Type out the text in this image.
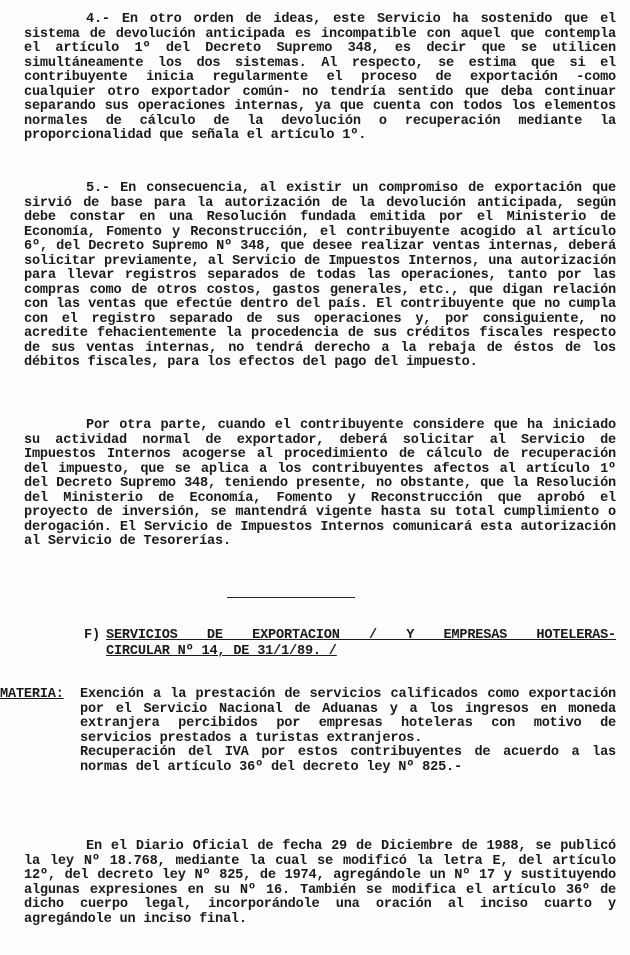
4.- En otro orden de ideas, este Servicio ha sostenido que el sistema de devolución anticipada es incompatible con aquel que contempla el artículo 1º del Decreto Supremo 348, es decir que se utilicen simultáneamente los dos sistemas. Al respecto, se estima que si el contribuyente inicia regularmente el proceso de exportación -como cualquier otro exportador común- no tendría sentido que deba continuar separando sus operaciones internas, ya que cuenta con todos los elementos normales de cálculo de la devolución o recuperación mediante la proporcionalidad que señala el artículo 1º.

5.- En consecuencia, al existir un compromiso de exportación que sirvió de base para la autorización de la devolución anticipada, según debe constar en una Resolución fundada emitida por el Ministerio de Economía, Fomento y Reconstrucción, el contribuyente acogido al artículo 6º, del Decreto Supremo Nº 348, que desee realizar ventas internas, deberá solicitar previamente, al Servicio de Impuestos Internos, una autorización para llevar registros separados de todas las operaciones, tanto por las compras como de otros costos, gastos generales, etc., que digan relación con las ventas que efectúe dentro del país. El contribuyente que no cumpla con el registro separado de sus operaciones y, por consiguiente, no acredite fehacientemente la procedencia de sus créditos fiscales respecto de sus ventas internas, no tendrá derecho a la rebaja de éstos de los débitos fiscales, para los efectos del pago del impuesto.

Por otra parte, cuando el contribuyente considere que ha iniciado su actividad normal de exportador, deberá solicitar al Servicio de Impuestos Internos acogerse al procedimiento de cálculo de recuperación del impuesto, que se aplica a los contribuyentes afectos al artículo 1º del Decreto Supremo 348, teniendo presente, no obstante, que la Resolución del Ministerio de Economía, Fomento y Reconstrucción que aprobó el proyecto de inversión, se mantendrá vigente hasta su total cumplimiento o derogación. El Servicio de Impuestos Internos comunicará esta autorización al Servicio de Tesorerías.

F) SERVICIOS DE EXPORTACION / Y EMPRESAS HOTELERAS-
CIRCULAR Nº 14, DE 31/1/89. /
MATERIA:	Exención a la prestación de servicios calificados como exportación por el Servicio Nacional de Aduanas y a los ingresos en moneda extranjera percibidos por empresas hoteleras con motivo de servicios prestados a turistas extranjeros.

Recuperación del IVA por estos contribuyentes de acuerdo a las normas del artículo 36º del decreto ley Nº 825.-

En el Diario Oficial de fecha 29 de Diciembre de 1988, se publicó la ley Nº 18.768, mediante la cual se modificó la letra E, del artículo 12º, del decreto ley Nº 825, de 1974, agregándole un Nº 17 y sustituyendo algunas expresiones en su Nº 16. También se modifica el artículo 36º de dicho cuerpo legal, incorporándole una oración al inciso cuarto y agregándole un inciso final.
